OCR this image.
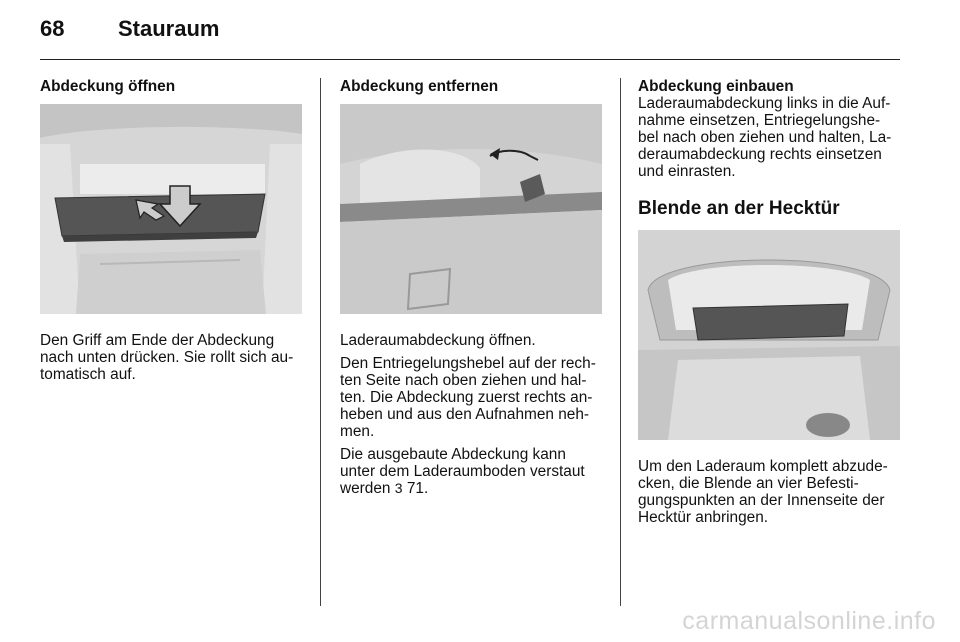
68 Stauraum
Abdeckung öffnen

Den Griff am Ende der Abdeckung nach unten drücken. Sie rollt sich au-tomatisch auf.

Abdeckung entfernen

Laderaumabdeckung öffnen.

Den Entriegelungshebel auf der rech-ten Seite nach oben ziehen und hal-ten. Die Abdeckung zuerst rechts an-heben und aus den Aufnahmen neh-men.

Die ausgebaute Abdeckung kann unter dem Laderaumboden verstaut werden 3 71.

Abdeckung einbauen

Laderaumabdeckung links in die Auf-nahme einsetzen, Entriegelungshe-bel nach oben ziehen und halten, La-deraumabdeckung rechts einsetzen und einrasten.

Blende an der Hecktür

Um den Laderaum komplett abzude-cken, die Blende an vier Befesti-gungspunkten an der Innenseite der Hecktür anbringen.

carmanualsonline.info
